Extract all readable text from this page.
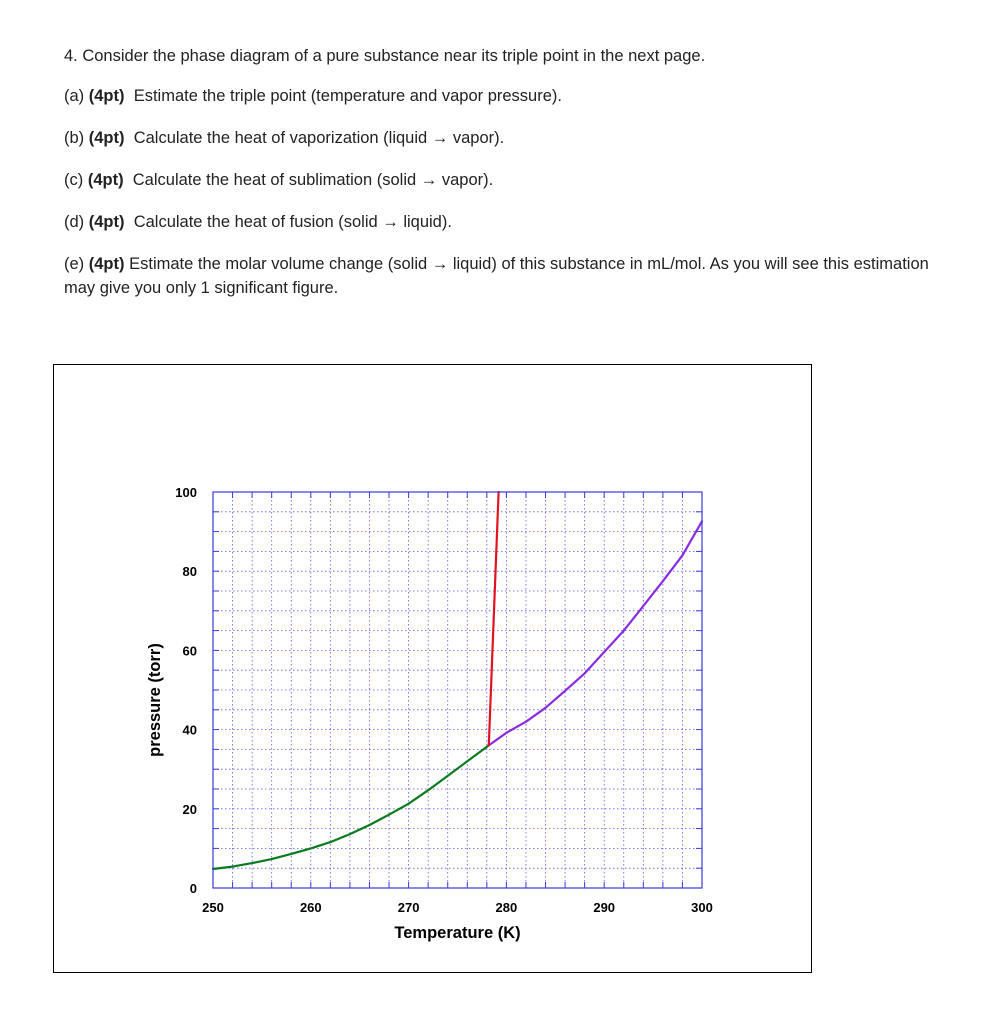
4. Consider the phase diagram of a pure substance near its triple point in the next page.

(a) (4pt) Estimate the triple point (temperature and vapor pressure).

(b) (4pt) Calculate the heat of vaporization (liquid → vapor).

(c) (4pt) Calculate the heat of sublimation (solid → vapor).

(d) (4pt) Calculate the heat of fusion (solid → liquid).

(e) (4pt) Estimate the molar volume change (solid → liquid) of this substance in mL/mol. As you will see this estimation may give you only 1 significant figure.

250	260	270	280	290	300
0
20
40
60
80
100
Temperature (K)
pressure (torr)
